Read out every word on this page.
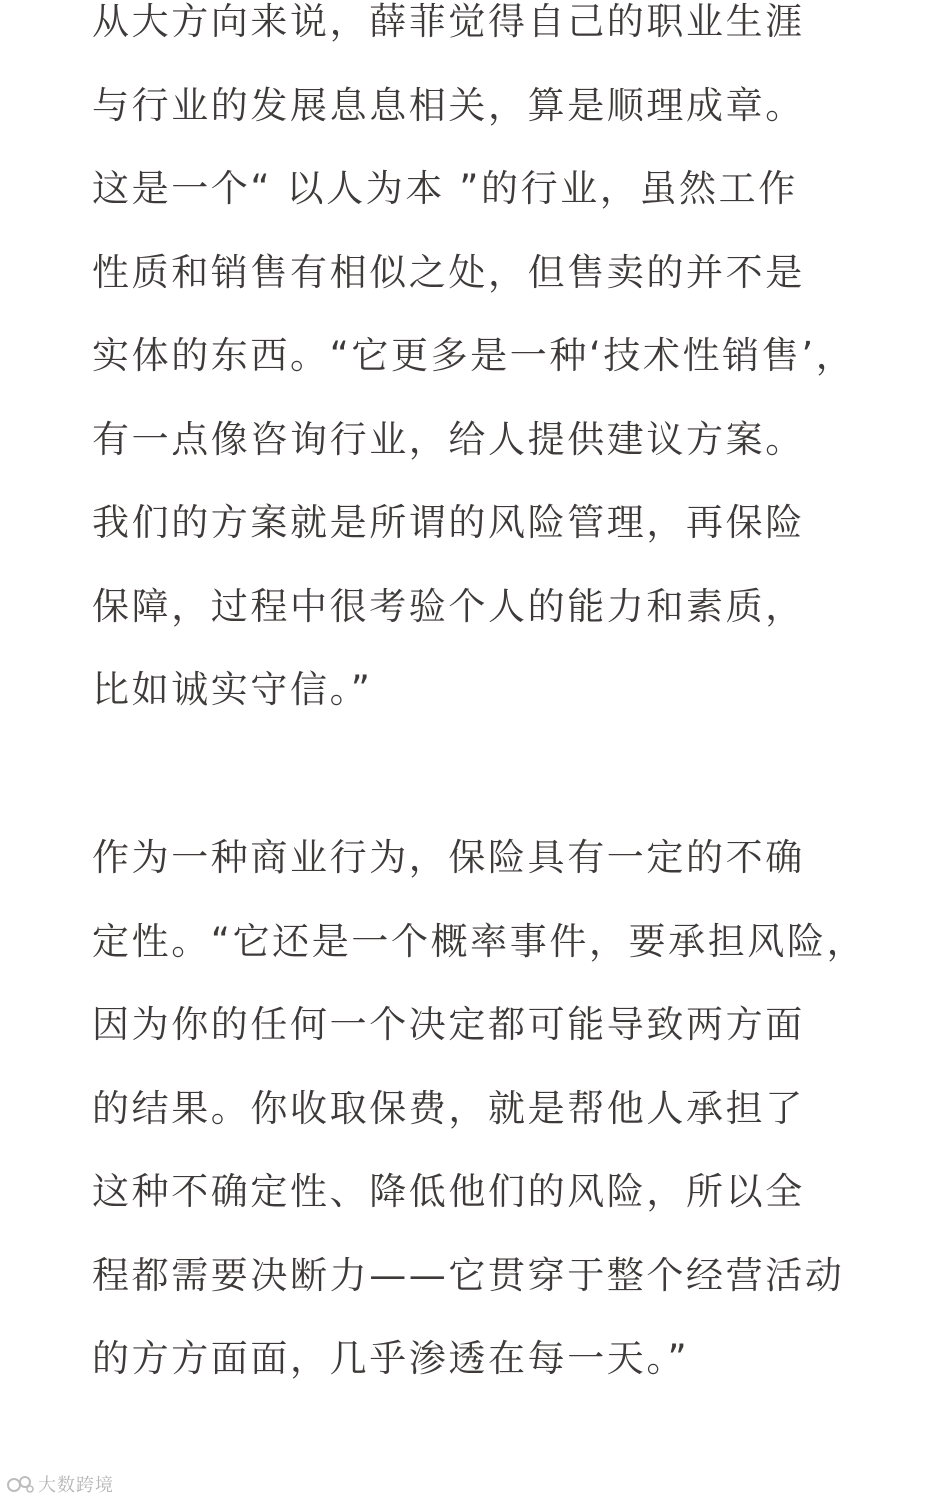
从大方向来说，薛菲觉得自己的职业生涯
与行业的发展息息相关，算是顺理成章。
这是一个“ 以人为本 ”的行业，虽然工作
性质和销售有相似之处，但售卖的并不是
实体的东西。“它更多是一种‘技术性销售’，
有一点像咨询行业，给人提供建议方案。
我们的方案就是所谓的风险管理，再保险
保障，过程中很考验个人的能力和素质，
比如诚实守信。”
作为一种商业行为，保险具有一定的不确
定性。“它还是一个概率事件，要承担风险，
因为你的任何一个决定都可能导致两方面
的结果。你收取保费，就是帮他人承担了
这种不确定性、降低他们的风险，所以全
程都需要决断力——它贯穿于整个经营活动
的方方面面，几乎渗透在每一天。”
大数跨境
